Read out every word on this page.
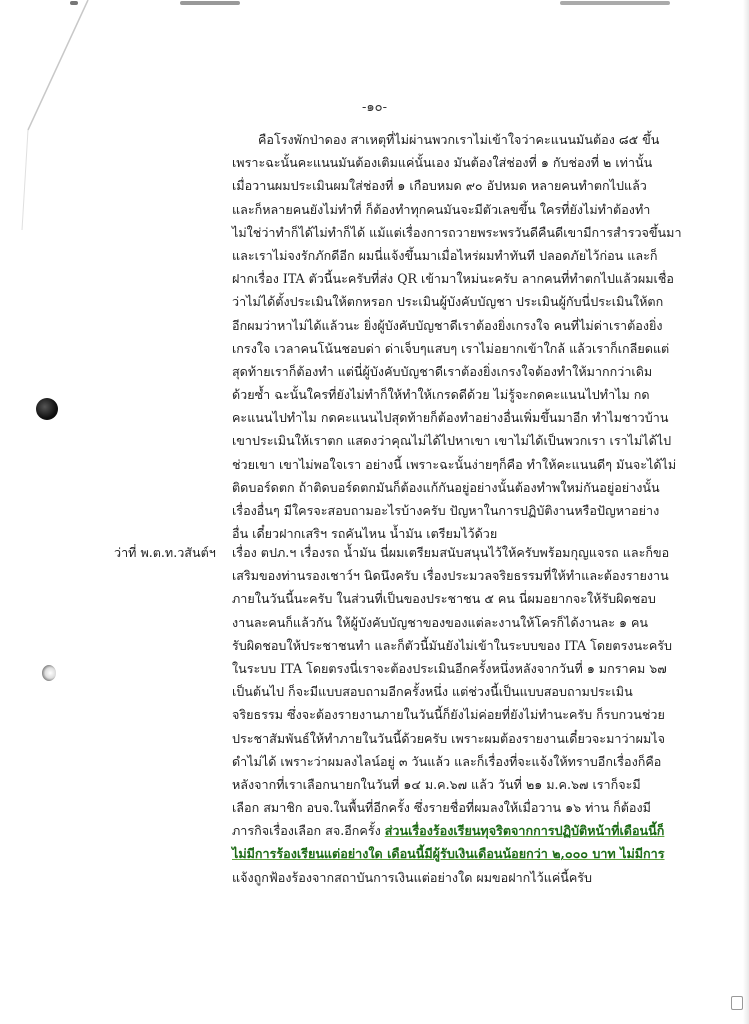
-๑๐-
คือโรงพักป่าดอง สาเหตุที่ไม่ผ่านพวกเราไม่เข้าใจว่าคะแนนมันต้อง ๘๕ ขึ้น
เพราะฉะนั้นคะแนนมันต้องเติมแค่นั้นเอง มันต้องใส่ช่องที่ ๑ กับช่องที่ ๒ เท่านั้น
เมื่อวานผมประเมินผมใส่ช่องที่ ๑ เกือบหมด ๙๐ อัปหมด หลายคนทำตกไปแล้ว
และก็หลายคนยังไม่ทำที่ ก็ต้องทำทุกคนมันจะมีตัวเลขขึ้น ใครที่ยังไม่ทำต้องทำ
ไม่ใช่ว่าทำก็ได้ไม่ทำก็ได้ แม้แต่เรื่องการถวายพระพรวันดีคืนดีเขามีการสำรวจขึ้นมา
และเราไม่จงรักภักดีอีก ผมนี่แจ้งขึ้นมาเมื่อไหร่ผมทำทันที ปลอดภัยไว้ก่อน และก็
ฝากเรื่อง ITA ตัวนี้นะครับที่ส่ง QR เข้ามาใหม่นะครับ ลากคนที่ทำตกไปแล้วผมเชื่อ
ว่าไม่ได้ตั้งประเมินให้ตกหรอก ประเมินผู้บังคับบัญชา ประเมินผู้กับนี่ประเมินให้ตก
อีกผมว่าหาไม่ได้แล้วนะ ยิ่งผู้บังคับบัญชาดีเราต้องยิ่งเกรงใจ คนที่ไม่ด่าเราต้องยิ่ง
เกรงใจ เวลาคนโน้นชอบด่า ด่าเจ็บๆแสบๆ เราไม่อยากเข้าใกล้ แล้วเราก็เกลียดแต่
สุดท้ายเราก็ต้องทำ แต่นี่ผู้บังคับบัญชาดีเราต้องยิ่งเกรงใจต้องทำให้มากกว่าเดิม
ด้วยซ้ำ ฉะนั้นใครที่ยังไม่ทำก็ให้ทำให้เกรดดีด้วย ไม่รู้จะกดคะแนนไปทำไม กด
คะแนนไปทำไม กดคะแนนไปสุดท้ายก็ต้องทำอย่างอื่นเพิ่มขึ้นมาอีก ทำไมชาวบ้าน
เขาประเมินให้เราตก แสดงว่าคุณไม่ได้ไปหาเขา เขาไม่ได้เป็นพวกเรา เราไม่ได้ไป
ช่วยเขา เขาไม่พอใจเรา อย่างนี้ เพราะฉะนั้นง่ายๆก็คือ ทำให้คะแนนดีๆ มันจะได้ไม่
ติดบอร์ดตก ถ้าติดบอร์ดตกมันก็ต้องแก้กันอยู่อย่างนั้นต้องทำพใหม่กันอยู่อย่างนั้น
เรื่องอื่นๆ มีใครจะสอบถามอะไรบ้างครับ ปัญหาในการปฏิบัติงานหรือปัญหาอย่าง
อื่น เดี๋ยวฝากเสริฯ รถคันไหน น้ำมัน เตรียมไว้ด้วย
ว่าที่ พ.ต.ท.วสันต์ฯ เรื่อง ตปภ.ฯ เรื่องรถ น้ำมัน นี่ผมเตรียมสนับสนุนไว้ให้ครับพร้อมกุญแจรถ และก็ขอ
เสริมของท่านรองเชาว์ฯ นิดนึงครับ เรื่องประมวลจริยธรรมที่ให้ทำและต้องรายงาน
ภายในวันนี้นะครับ ในส่วนที่เป็นของประชาชน ๕ คน นี่ผมอยากจะให้รับผิดชอบ
งานละคนก็แล้วกัน ให้ผู้บังคับบัญชาของของแต่ละงานให้โครก็ได้งานละ ๑ คน
รับผิดชอบให้ประชาชนทำ และก็ตัวนี้มันยังไม่เข้าในระบบของ ITA โดยตรงนะครับ
ในระบบ ITA โดยตรงนี่เราจะต้องประเมินอีกครั้งหนึ่งหลังจากวันที่ ๑ มกราคม ๖๗
เป็นต้นไป ก็จะมีแบบสอบถามอีกครั้งหนึ่ง แต่ช่วงนี้เป็นแบบสอบถามประเมิน
จริยธรรม ซึ่งจะต้องรายงานภายในวันนี้ก็ยังไม่ค่อยที่ยังไม่ทำนะครับ ก็รบกวนช่วย
ประชาสัมพันธ์ให้ทำภายในวันนี้ด้วยครับ เพราะผมต้องรายงานเดี๋ยวจะมาว่าผมไจ
ดำไม่ได้ เพราะว่าผมลงไลน์อยู่ ๓ วันแล้ว และก็เรื่องที่จะแจ้งให้ทราบอีกเรื่องก็คือ
หลังจากที่เราเลือกนายกในวันที่ ๑๔ ม.ค.๖๗ แล้ว วันที่ ๒๑ ม.ค.๖๗ เราก็จะมี
เลือก สมาชิก อบจ.ในพื้นที่อีกครั้ง ซึ่งรายชื่อที่ผมลงให้เมื่อวาน ๑๖ ท่าน ก็ต้องมี
ภารกิจเรื่องเลือก สจ.อีกครั้ง ส่วนเรื่องร้องเรียนทุจริตจากการปฏิบัติหน้าที่เดือนนี้ก็
ไม่มีการร้องเรียนแต่อย่างใด เดือนนี้มีผู้รับเงินเดือนน้อยกว่า ๒,๐๐๐ บาท ไม่มีการ
แจ้งถูกฟ้องร้องจากสถาบันการเงินแต่อย่างใด ผมขอฝากไว้แค่นี้ครับ
